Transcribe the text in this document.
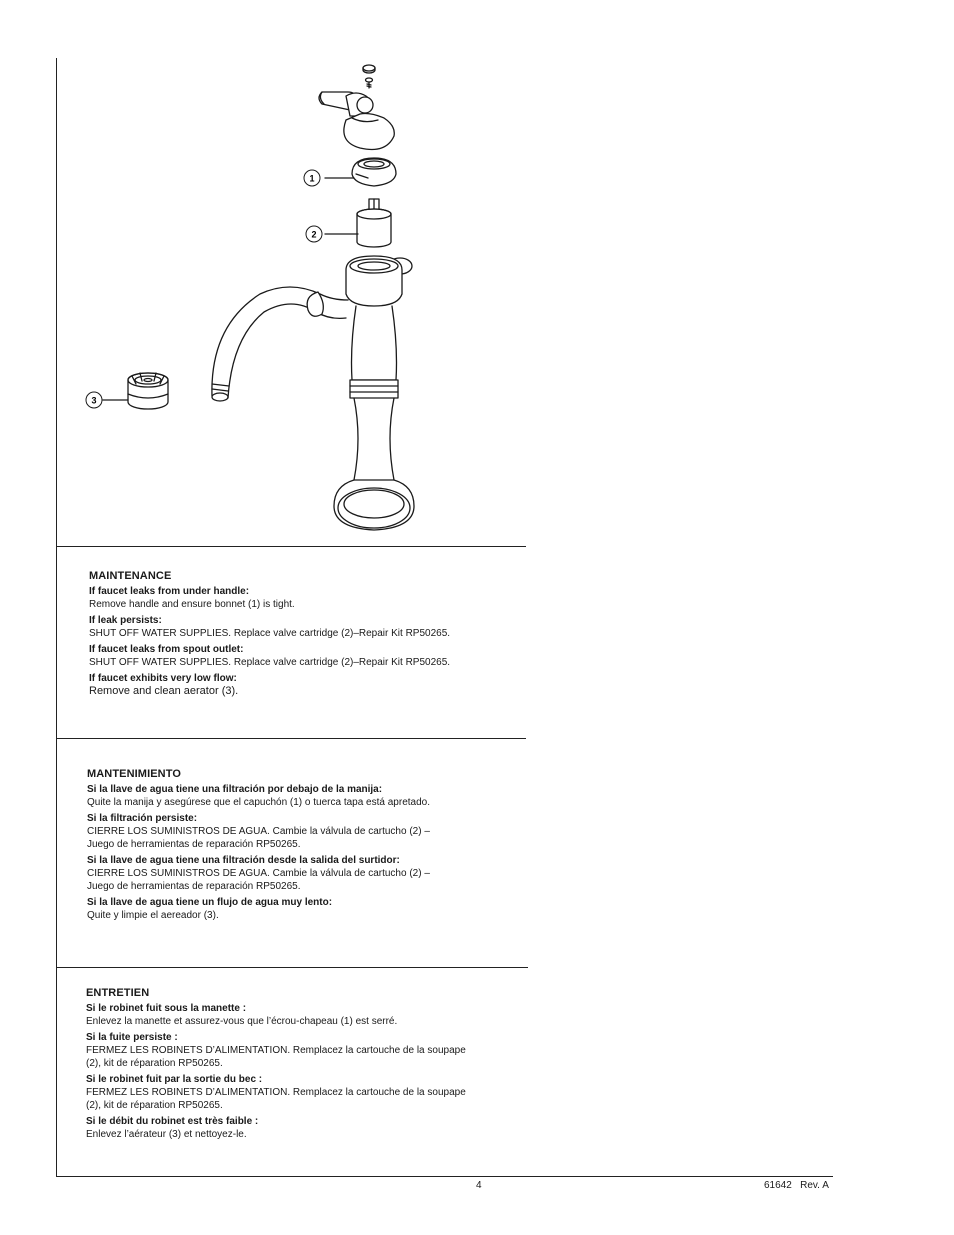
1
2
3
MAINTENANCE
If faucet leaks from under handle:
Remove handle and ensure bonnet (1) is tight.
If leak persists:
SHUT OFF WATER SUPPLIES. Replace valve cartridge (2)–Repair Kit RP50265.
If faucet leaks from spout outlet:
SHUT OFF WATER SUPPLIES. Replace valve cartridge (2)–Repair Kit RP50265.
If faucet exhibits very low flow:
Remove and clean aerator (3).
MANTENIMIENTO
Si la llave de agua tiene una filtración por debajo de la manija:
Quite la manija y asegúrese que el capuchón (1) o tuerca tapa está apretado.
Si la filtración persiste:
CIERRE LOS SUMINISTROS DE AGUA. Cambie la válvula de cartucho (2) –
Juego de herramientas de reparación RP50265.
Si la llave de agua tiene una filtración desde la salida del surtidor:
CIERRE LOS SUMINISTROS DE AGUA. Cambie la válvula de cartucho (2) –
Juego de herramientas de reparación RP50265.
Si la llave de agua tiene un flujo de agua muy lento:
Quite y limpie el aereador (3).
ENTRETIEN
Si le robinet fuit sous la manette :
Enlevez la manette et assurez-vous que l’écrou-chapeau (1) est serré.
Si la fuite persiste :
FERMEZ LES ROBINETS D’ALIMENTATION. Remplacez la cartouche de la soupape
(2), kit de réparation RP50265.
Si le robinet fuit par la sortie du bec :
FERMEZ LES ROBINETS D’ALIMENTATION. Remplacez la cartouche de la soupape
(2), kit de réparation RP50265.
Si le débit du robinet est très faible :
Enlevez l’aérateur (3) et nettoyez-le.
4	61642   Rev. A
